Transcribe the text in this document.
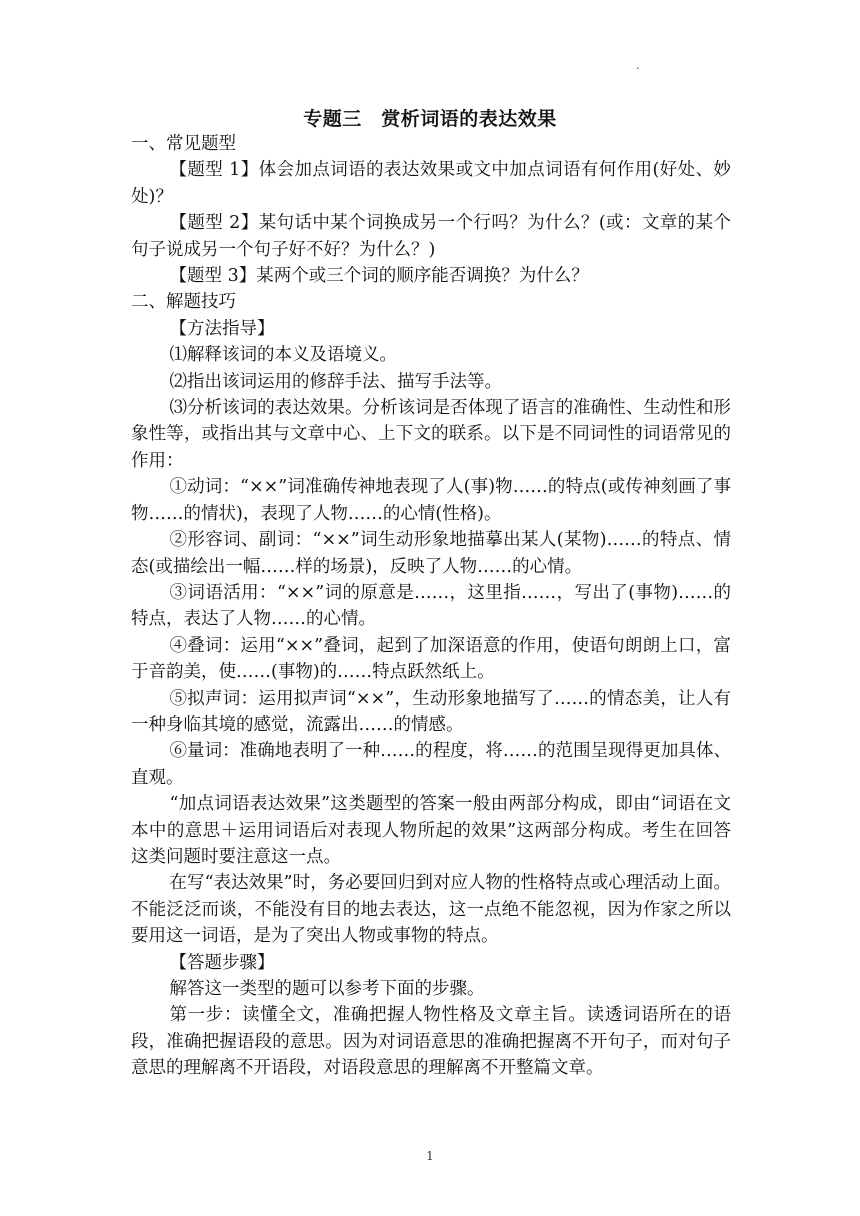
.
专题三　赏析词语的表达效果

一、常见题型

【题型 1】体会加点词语的表达效果或文中加点词语有何作用(好处、妙处)？

【题型 2】某句话中某个词换成另一个行吗？为什么？(或：文章的某个句子说成另一个句子好不好？为什么？)

【题型 3】某两个或三个词的顺序能否调换？为什么？

二、解题技巧

【方法指导】

⑴解释该词的本义及语境义。

⑵指出该词运用的修辞手法、描写手法等。

⑶分析该词的表达效果。分析该词是否体现了语言的准确性、生动性和形象性等，或指出其与文章中心、上下文的联系。以下是不同词性的词语常见的作用：

①动词：“××”词准确传神地表现了人(事)物……的特点(或传神刻画了事物……的情状)，表现了人物……的心情(性格)。

②形容词、副词：“××”词生动形象地描摹出某人(某物)……的特点、情态(或描绘出一幅……样的场景)，反映了人物……的心情。

③词语活用：“××”词的原意是……，这里指……，写出了(事物)……的特点，表达了人物……的心情。

④叠词：运用“××”叠词，起到了加深语意的作用，使语句朗朗上口，富于音韵美，使……(事物)的……特点跃然纸上。

⑤拟声词：运用拟声词“××”，生动形象地描写了……的情态美，让人有一种身临其境的感觉，流露出……的情感。

⑥量词：准确地表明了一种……的程度，将……的范围呈现得更加具体、直观。

“加点词语表达效果”这类题型的答案一般由两部分构成，即由“词语在文本中的意思＋运用词语后对表现人物所起的效果”这两部分构成。考生在回答这类问题时要注意这一点。

在写“表达效果”时，务必要回归到对应人物的性格特点或心理活动上面。不能泛泛而谈，不能没有目的地去表达，这一点绝不能忽视，因为作家之所以要用这一词语，是为了突出人物或事物的特点。

【答题步骤】

解答这一类型的题可以参考下面的步骤。

第一步：读懂全文，准确把握人物性格及文章主旨。读透词语所在的语段，准确把握语段的意思。因为对词语意思的准确把握离不开句子，而对句子意思的理解离不开语段，对语段意思的理解离不开整篇文章。

1
